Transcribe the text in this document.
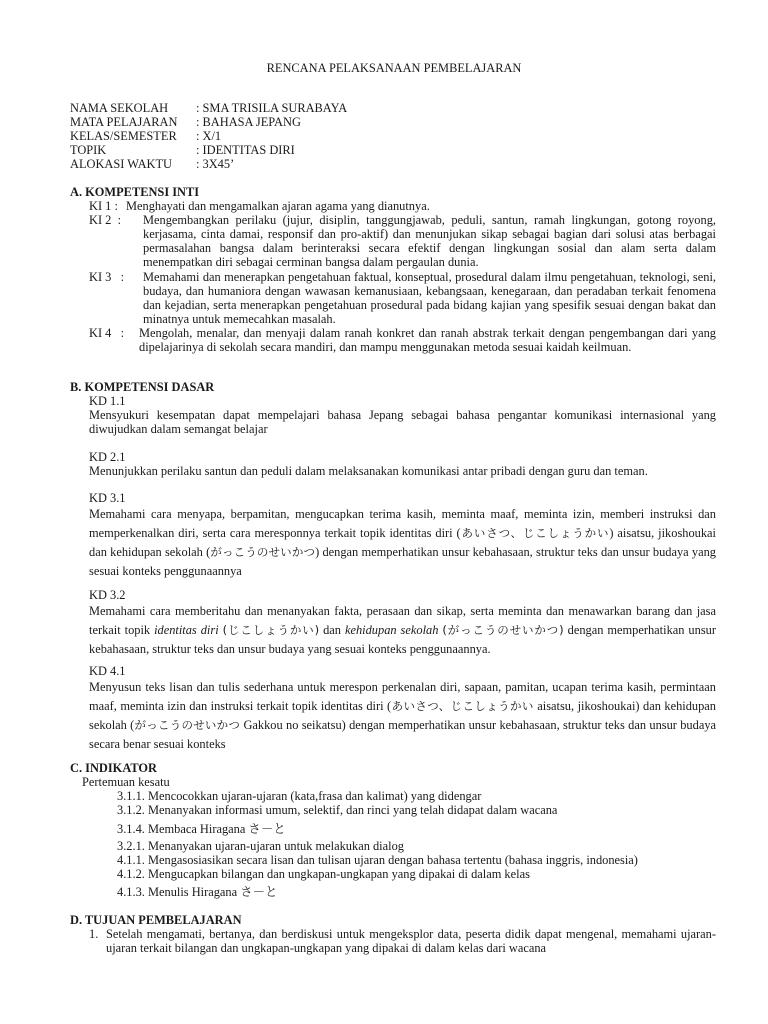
RENCANA PELAKSANAAN PEMBELAJARAN
NAMA SEKOLAH	: SMA TRISILA SURABAYA
MATA PELAJARAN	: BAHASA JEPANG
KELAS/SEMESTER	: X/1
TOPIK	: IDENTITAS DIRI
ALOKASI WAKTU	: 3X45’
A. KOMPETENSI INTI
KI 1 : Menghayati dan mengamalkan ajaran agama yang dianutnya.
KI 2  : Mengembangkan perilaku (jujur, disiplin, tanggungjawab, peduli, santun, ramah lingkungan, gotong royong, kerjasama, cinta damai, responsif dan pro-aktif) dan menunjukan sikap sebagai bagian dari solusi atas berbagai permasalahan bangsa dalam berinteraksi secara efektif dengan lingkungan sosial dan alam serta dalam menempatkan diri sebagai cerminan bangsa dalam pergaulan dunia.
KI 3   : Memahami dan menerapkan pengetahuan faktual, konseptual, prosedural dalam ilmu pengetahuan, teknologi, seni, budaya, dan humaniora dengan wawasan kemanusiaan, kebangsaan, kenegaraan, dan peradaban terkait fenomena dan kejadian, serta menerapkan pengetahuan prosedural pada bidang kajian yang spesifik sesuai dengan bakat dan minatnya untuk memecahkan masalah.
KI 4   : Mengolah, menalar, dan menyaji dalam ranah konkret dan ranah abstrak terkait dengan pengembangan dari yang dipelajarinya di sekolah secara mandiri, dan mampu menggunakan metoda sesuai kaidah keilmuan.
B. KOMPETENSI DASAR
KD 1.1
Mensyukuri kesempatan dapat mempelajari bahasa Jepang sebagai bahasa pengantar komunikasi internasional yang diwujudkan dalam semangat belajar
KD 2.1
Menunjukkan perilaku santun dan peduli dalam melaksanakan komunikasi antar pribadi dengan guru dan teman.
KD 3.1
Memahami cara menyapa, berpamitan, mengucapkan terima kasih, meminta maaf, meminta izin, memberi instruksi dan memperkenalkan diri, serta cara meresponnya terkait topik identitas diri (あいさつ、じこしょうかい) aisatsu, jikoshoukai dan kehidupan sekolah (がっこうのせいかつ) dengan memperhatikan unsur kebahasaan, struktur teks dan unsur budaya yang sesuai konteks penggunaannya
KD 3.2
Memahami cara memberitahu dan menanyakan fakta, perasaan dan sikap, serta meminta dan menawarkan barang dan jasa terkait topik identitas diri (じこしょうかい) dan kehidupan sekolah (がっこうのせいかつ) dengan memperhatikan unsur kebahasaan, struktur teks dan unsur budaya yang sesuai konteks penggunaannya.
KD 4.1
Menyusun teks lisan dan tulis sederhana untuk merespon perkenalan diri, sapaan, pamitan, ucapan terima kasih, permintaan maaf, meminta izin dan instruksi terkait topik identitas diri (あいさつ、じこしょうかい aisatsu, jikoshoukai) dan kehidupan sekolah (がっこうのせいかつ Gakkou no seikatsu) dengan memperhatikan unsur kebahasaan, struktur teks dan unsur budaya secara benar sesuai konteks
C. INDIKATOR
Pertemuan kesatu
3.1.1. Mencocokkan ujaran-ujaran (kata,frasa dan kalimat) yang didengar
3.1.2. Menanyakan informasi umum, selektif, dan rinci yang telah didapat dalam wacana
3.1.4. Membaca Hiragana さ－と
3.2.1. Menanyakan ujaran-ujaran untuk melakukan dialog
4.1.1. Mengasosiasikan secara lisan dan tulisan ujaran dengan bahasa tertentu (bahasa inggris, indonesia)
4.1.2. Mengucapkan bilangan dan ungkapan-ungkapan yang dipakai di dalam kelas
4.1.3. Menulis Hiragana さ－と
D. TUJUAN PEMBELAJARAN
1. Setelah mengamati, bertanya, dan berdiskusi untuk mengeksplor data, peserta didik dapat mengenal, memahami ujaran-ujaran terkait bilangan dan ungkapan-ungkapan yang dipakai di dalam kelas dari wacana
